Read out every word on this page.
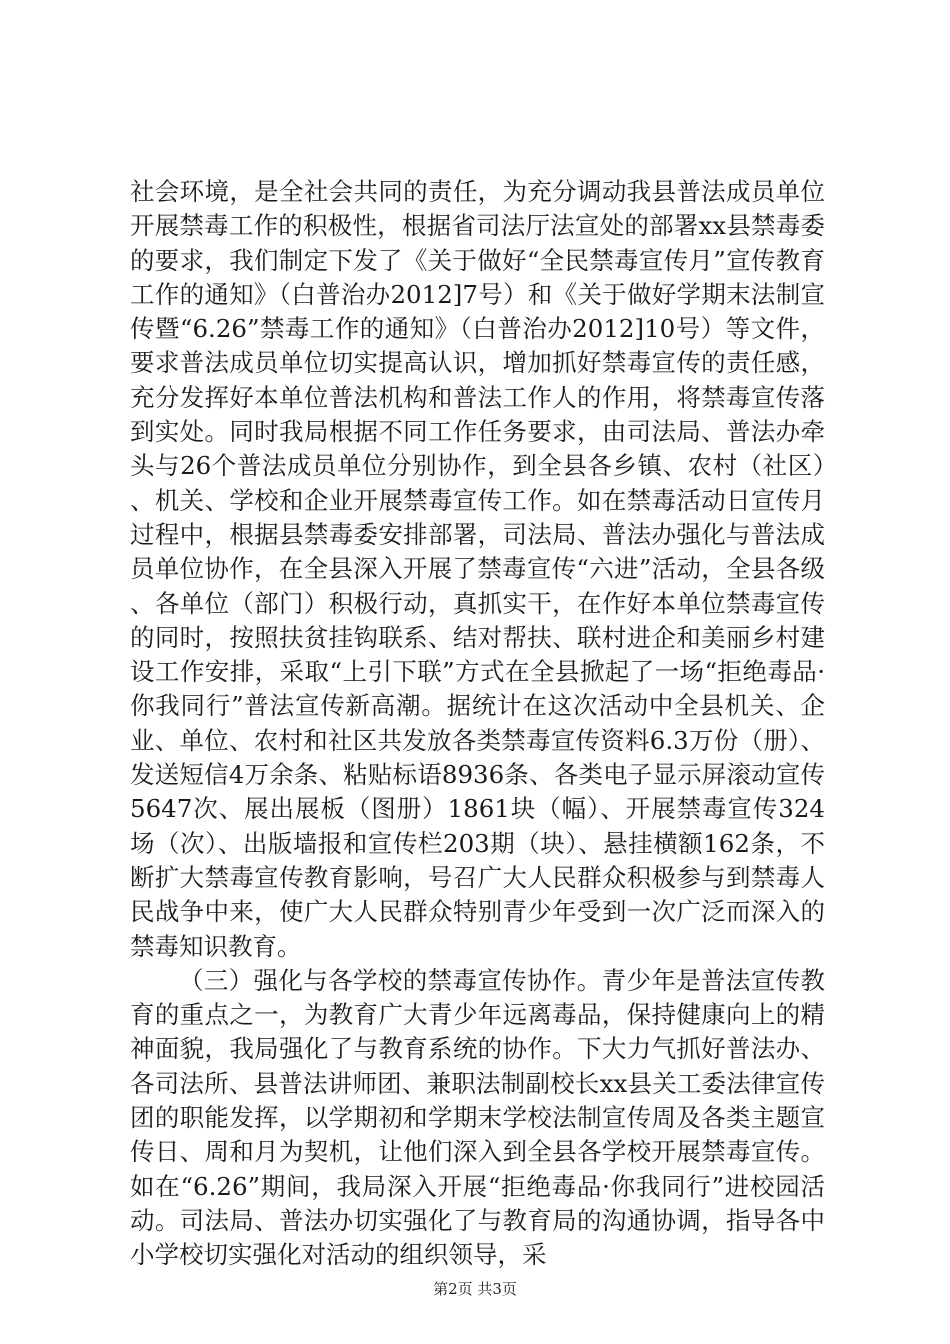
社会环境，是全社会共同的责任，为充分调动我县普法成员单位开展禁毒工作的积极性，根据省司法厅法宣处的部署xx县禁毒委的要求，我们制定下发了《关于做好“全民禁毒宣传月”宣传教育工作的通知》（白普治办2012]7号）和《关于做好学期末法制宣传暨“6.26”禁毒工作的通知》（白普治办2012]10号）等文件，要求普法成员单位切实提高认识，增加抓好禁毒宣传的责任感，充分发挥好本单位普法机构和普法工作人的作用，将禁毒宣传落到实处。同时我局根据不同工作任务要求，由司法局、普法办牵头与26个普法成员单位分别协作，到全县各乡镇、农村（社区）、机关、学校和企业开展禁毒宣传工作。如在禁毒活动日宣传月过程中，根据县禁毒委安排部署，司法局、普法办强化与普法成员单位协作，在全县深入开展了禁毒宣传“六进”活动，全县各级、各单位（部门）积极行动，真抓实干，在作好本单位禁毒宣传的同时，按照扶贫挂钩联系、结对帮扶、联村进企和美丽乡村建设工作安排，采取“上引下联”方式在全县掀起了一场“拒绝毒品·你我同行”普法宣传新高潮。据统计在这次活动中全县机关、企业、单位、农村和社区共发放各类禁毒宣传资料6.3万份（册）、发送短信4万余条、粘贴标语8936条、各类电子显示屏滚动宣传5647次、展出展板（图册）1861块（幅）、开展禁毒宣传324场（次）、出版墙报和宣传栏203期（块）、悬挂横额162条，不断扩大禁毒宣传教育影响，号召广大人民群众积极参与到禁毒人民战争中来，使广大人民群众特别青少年受到一次广泛而深入的禁毒知识教育。

（三）强化与各学校的禁毒宣传协作。青少年是普法宣传教育的重点之一，为教育广大青少年远离毒品，保持健康向上的精神面貌，我局强化了与教育系统的协作。下大力气抓好普法办、各司法所、县普法讲师团、兼职法制副校长xx县关工委法律宣传团的职能发挥，以学期初和学期末学校法制宣传周及各类主题宣传日、周和月为契机，让他们深入到全县各学校开展禁毒宣传。如在“6.26”期间，我局深入开展“拒绝毒品·你我同行”进校园活动。司法局、普法办切实强化了与教育局的沟通协调，指导各中小学校切实强化对活动的组织领导，采

第2页 共3页
